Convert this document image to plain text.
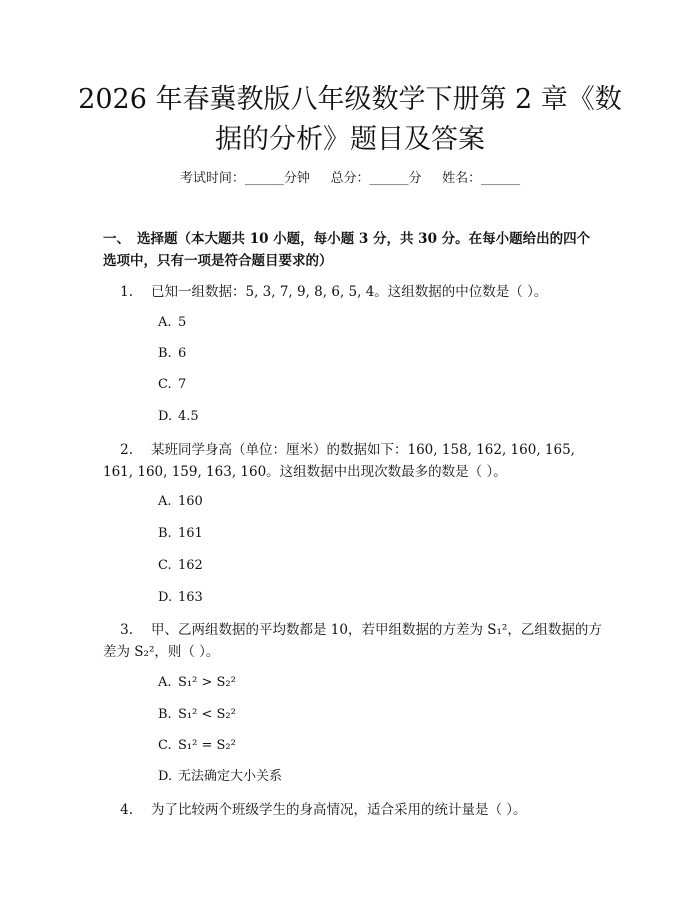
2026 年春冀教版八年级数学下册第 2 章《数
据的分析》题目及答案
考试时间：______分钟     总分：______分     姓名：______
一、 选择题（本大题共 10 小题，每小题 3 分，共 30 分。在每小题给出的四个选项中，只有一项是符合题目要求的）
1. 已知一组数据：5, 3, 7, 9, 8, 6, 5, 4。这组数据的中位数是（ ）。
A. 5
B. 6
C. 7
D. 4.5
2. 某班同学身高（单位：厘米）的数据如下：160, 158, 162, 160, 165, 161, 160, 159, 163, 160。这组数据中出现次数最多的数是（ ）。
A. 160
B. 161
C. 162
D. 163
3. 甲、乙两组数据的平均数都是 10，若甲组数据的方差为 S₁²，乙组数据的方差为 S₂²，则（ ）。
A. S₁² > S₂²
B. S₁² < S₂²
C. S₁² = S₂²
D. 无法确定大小关系
4. 为了比较两个班级学生的身高情况，适合采用的统计量是（ ）。
